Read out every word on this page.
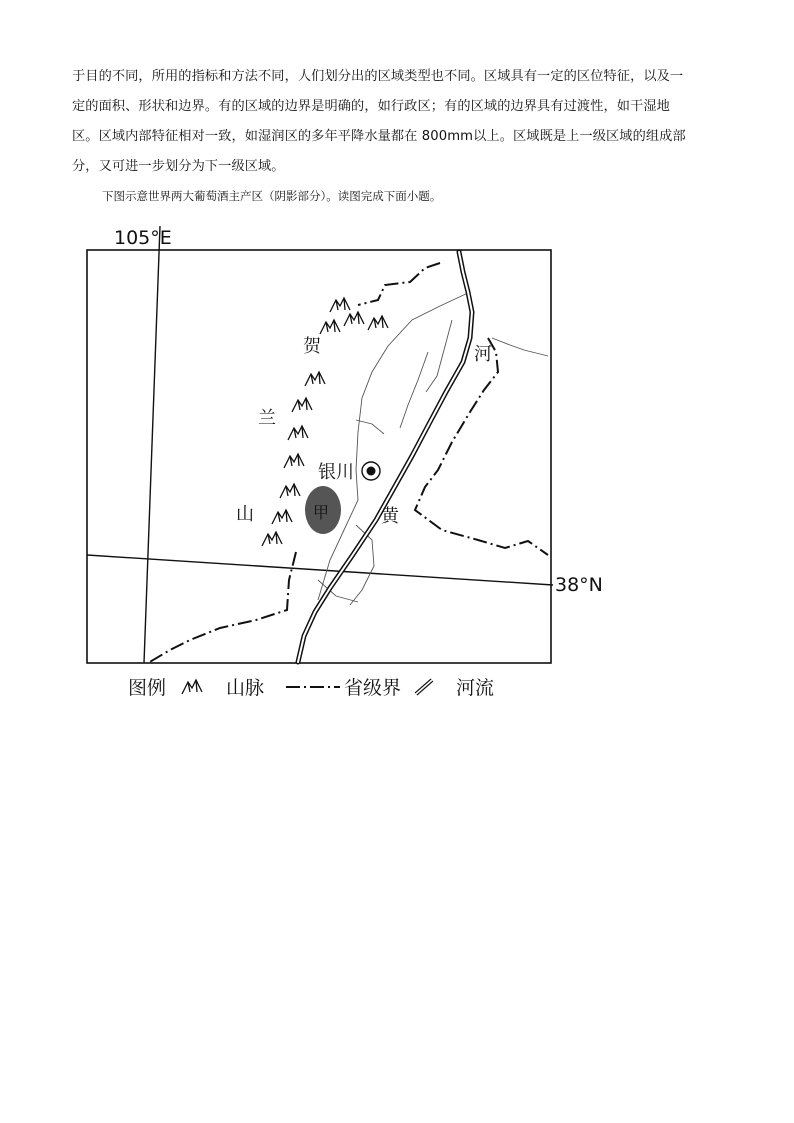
于目的不同，所用的指标和方法不同，人们划分出的区域类型也不同。区域具有一定的区位特征，以及一
定的面积、形状和边界。有的区域的边界是明确的，如行政区；有的区域的边界具有过渡性，如干湿地
区。区域内部特征相对一致，如湿润区的多年平降水量都在 800mm以上。区域既是上一级区域的组成部
分，又可进一步划分为下一级区域。
下图示意世界两大葡萄酒主产区（阴影部分）。读图完成下面小题。
105°E
38°N
甲
银川
贺
兰
山	黄
河
图例	山脉	省级界	河流
